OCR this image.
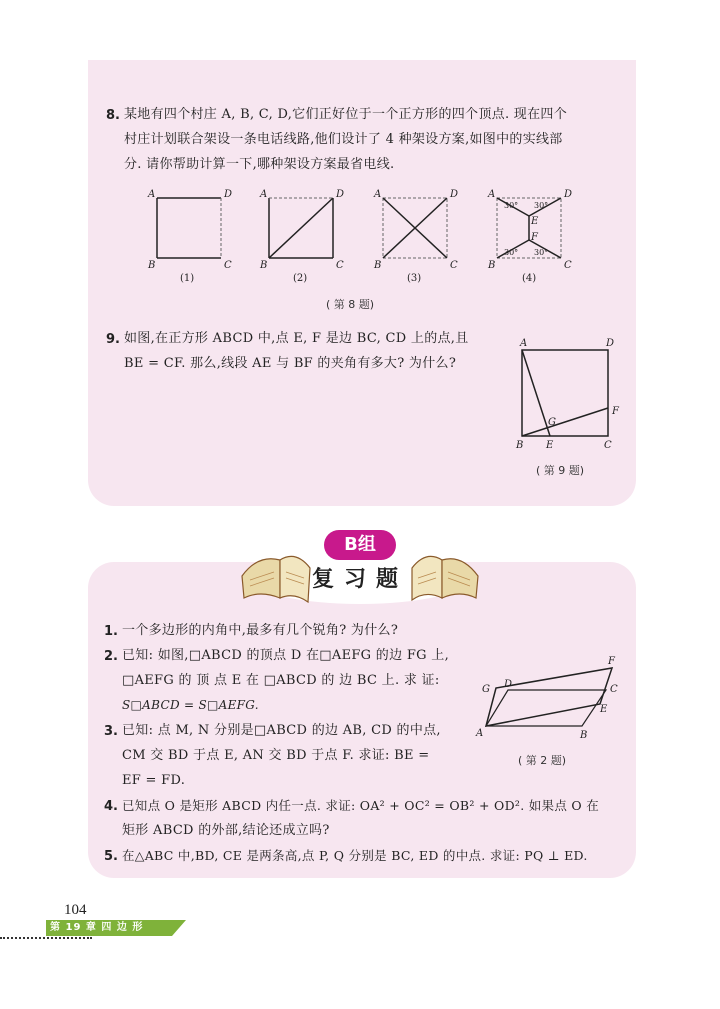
8. 某地有四个村庄 A, B, C, D,它们正好位于一个正方形的四个顶点. 现在四个
村庄计划联合架设一条电话线路,他们设计了 4 种架设方案,如图中的实线部
分. 请你帮助计算一下,哪种架设方案最省电线.
A	D
B	C
(1)
A	D
B	C
(2)
A	D
B	C
(3)
A	D
B	C
E
F
30° 30°
30° 30°
(4)
( 第 8 题)
9. 如图,在正方形 ABCD 中,点 E, F 是边 BC, CD 上的点,且
BE = CF. 那么,线段 AE 与 BF 的夹角有多大? 为什么?
A	D
B E	C
F
G
( 第 9 题)
B组
复习题
1. 一个多边形的内角中,最多有几个锐角? 为什么?
2. 已知: 如图,□ABCD 的顶点 D 在□AEFG 的边 FG 上,
□AEFG 的 顶 点 E 在 □ABCD 的 边 BC 上. 求 证:
S□ABCD = S□AEFG.
A	B
C
D
E
F
G
( 第 2 题)
3. 已知: 点 M, N 分别是□ABCD 的边 AB, CD 的中点,
CM 交 BD 于点 E, AN 交 BD 于点 F. 求证: BE =
EF = FD.
4. 已知点 O 是矩形 ABCD 内任一点. 求证: OA² + OC² = OB² + OD². 如果点 O 在
矩形 ABCD 的外部,结论还成立吗?
5. 在△ABC 中,BD, CE 是两条高,点 P, Q 分别是 BC, ED 的中点. 求证: PQ ⊥ ED.
104
第 19 章 四 边 形
